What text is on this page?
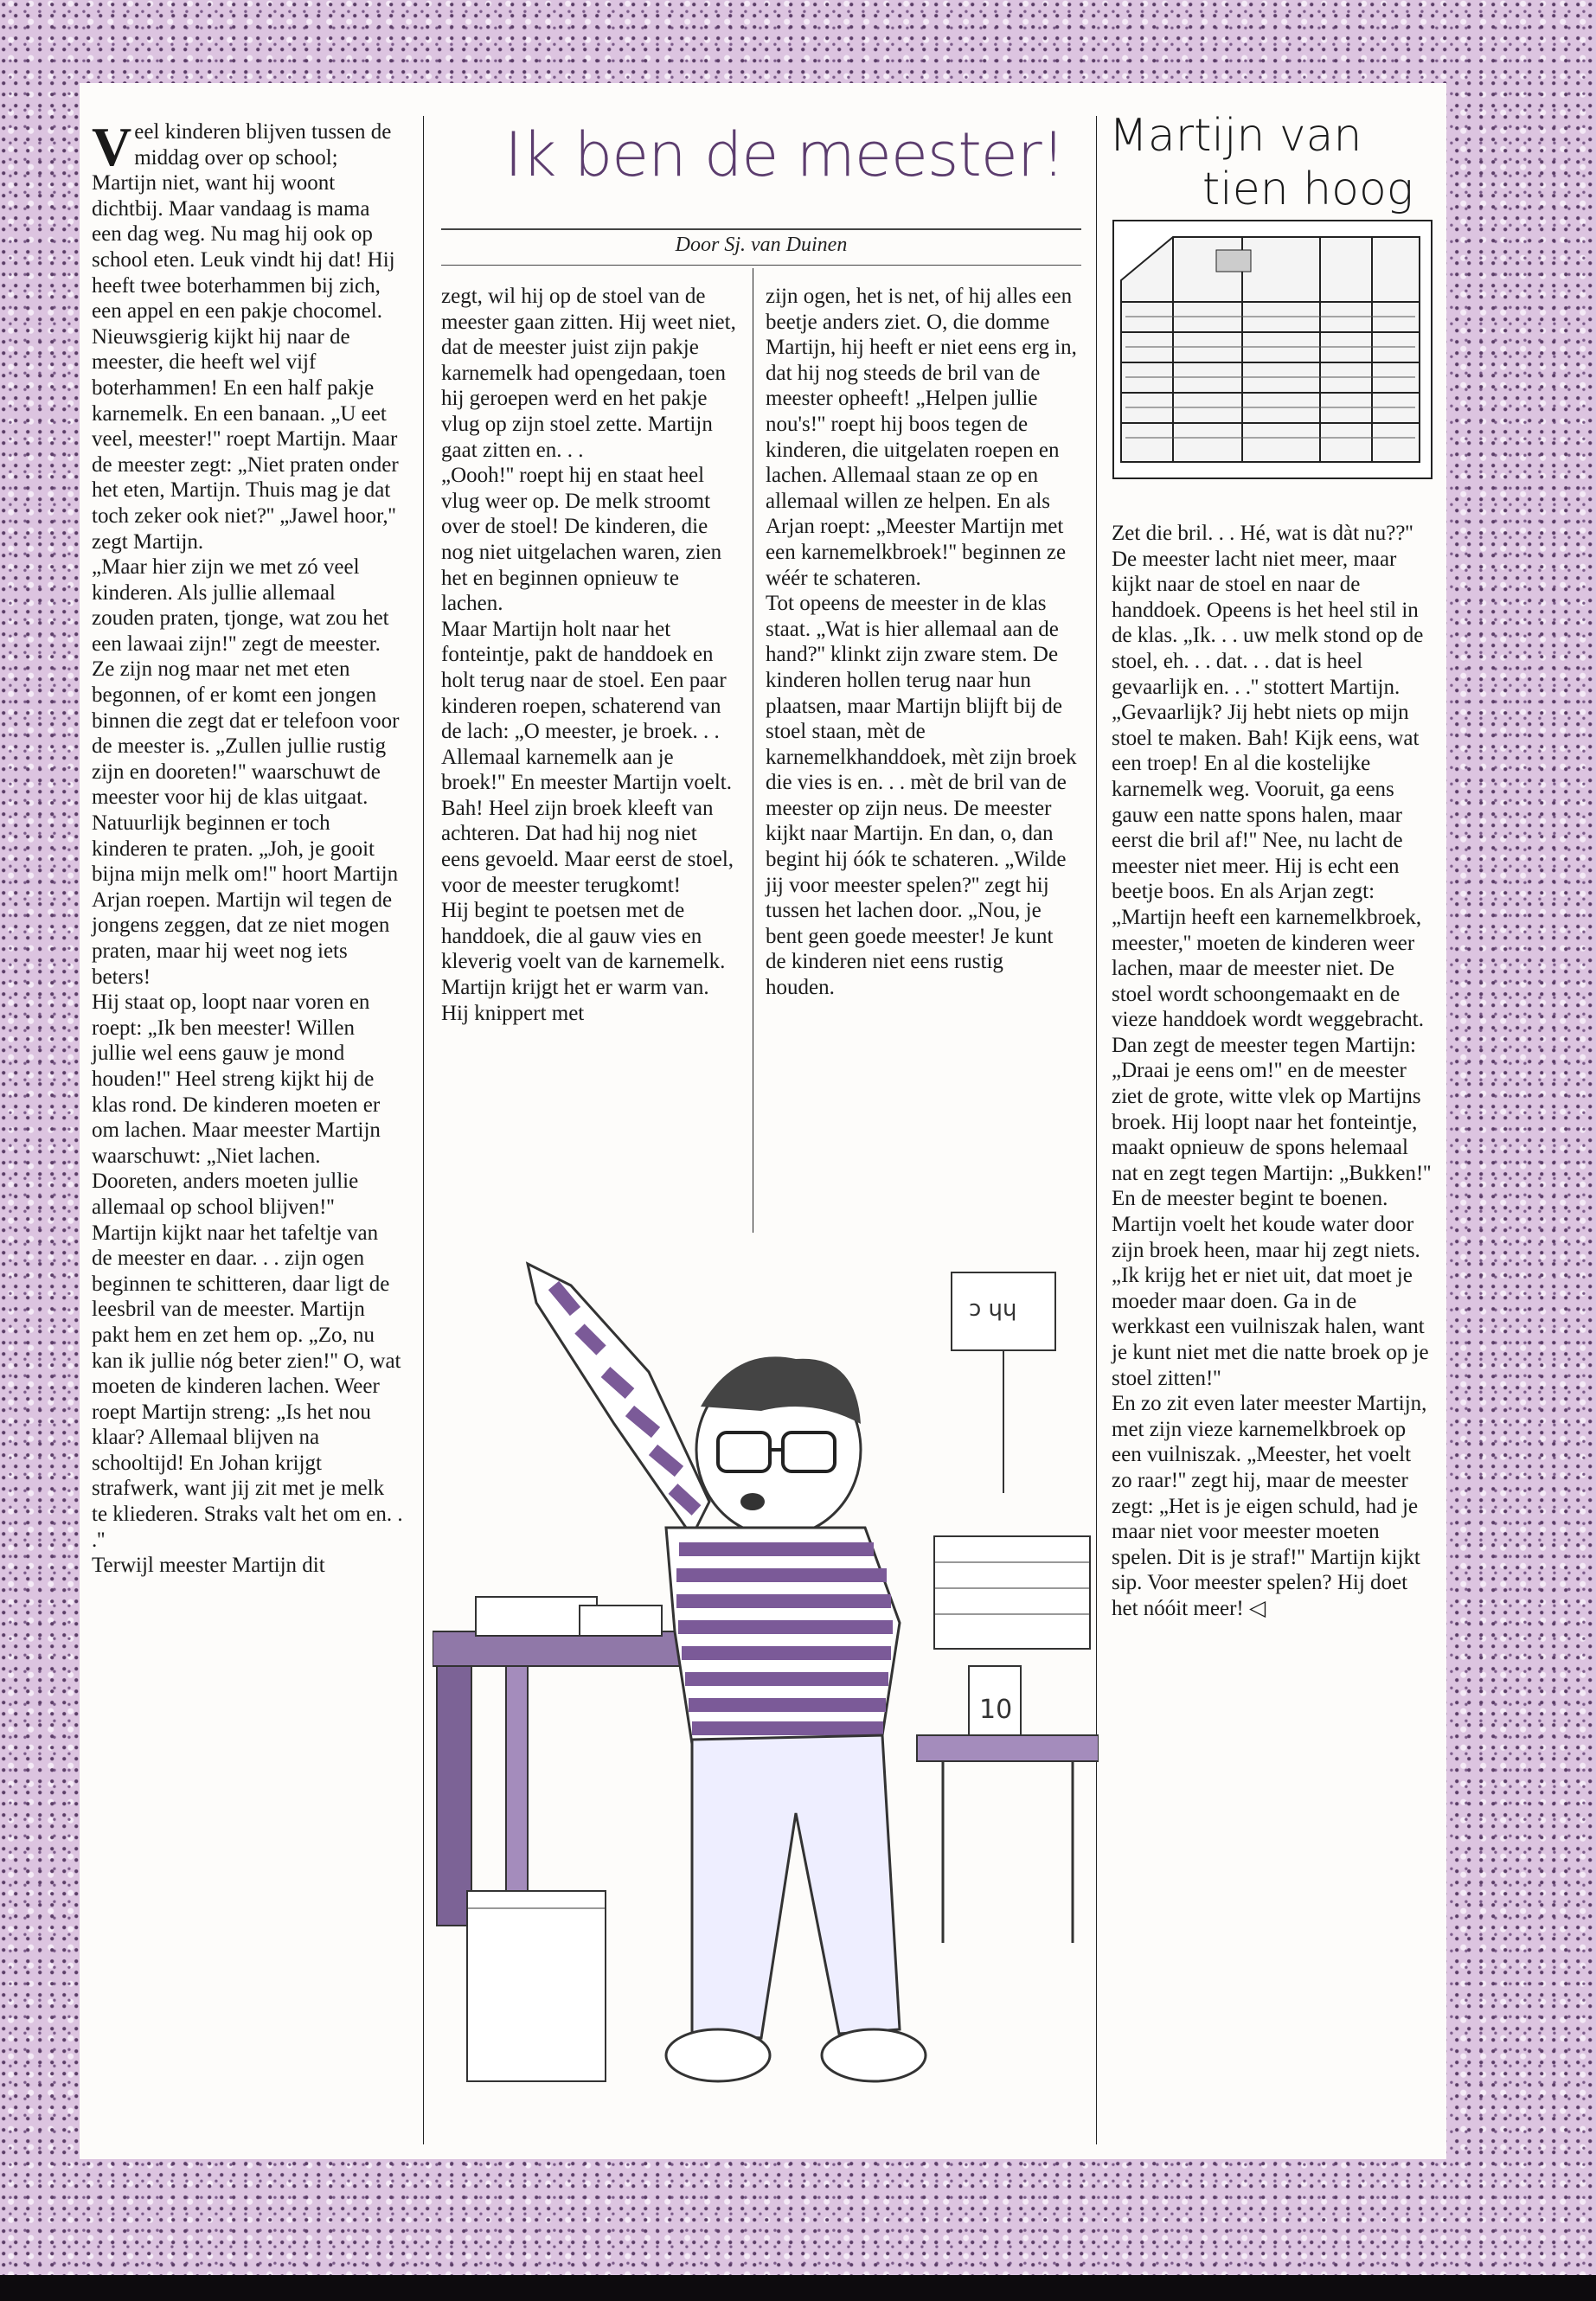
V eel kinderen blijven tussen de middag over op school; Martijn niet, want hij woont dichtbij. Maar vandaag is mama een dag weg. Nu mag hij ook op school eten. Leuk vindt hij dat! Hij heeft twee boterhammen bij zich, een appel en een pakje chocomel.
Nieuwsgierig kijkt hij naar de meester, die heeft wel vijf boterhammen! En een half pakje karnemelk. En een banaan. „U eet veel, meester!'' roept Martijn. Maar de meester zegt: „Niet praten onder het eten, Martijn. Thuis mag je dat toch zeker ook niet?'' „Jawel hoor,'' zegt Martijn.
„Maar hier zijn we met zó veel kinderen. Als jullie allemaal zouden praten, tjonge, wat zou het een lawaai zijn!'' zegt de meester.
Ze zijn nog maar net met eten begonnen, of er komt een jongen binnen die zegt dat er telefoon voor de meester is. „Zullen jullie rustig zijn en dooreten!'' waarschuwt de meester voor hij de klas uitgaat. Natuurlijk beginnen er toch kinderen te praten. „Joh, je gooit bijna mijn melk om!'' hoort Martijn Arjan roepen. Martijn wil tegen de jongens zeggen, dat ze niet mogen praten, maar hij weet nog iets beters!
Hij staat op, loopt naar voren en roept: „Ik ben meester! Willen jullie wel eens gauw je mond houden!'' Heel streng kijkt hij de klas rond. De kinderen moeten er om lachen. Maar meester Martijn waarschuwt: „Niet lachen. Dooreten, anders moeten jullie allemaal op school blijven!'' Martijn kijkt naar het tafeltje van de meester en daar. . . zijn ogen beginnen te schitteren, daar ligt de leesbril van de meester. Martijn pakt hem en zet hem op. „Zo, nu kan ik jullie nóg beter zien!'' O, wat moeten de kinderen lachen. Weer roept Martijn streng: „Is het nou klaar? Allemaal blijven na schooltijd! En Johan krijgt strafwerk, want jij zit met je melk te kliederen. Straks valt het om en. . .''
Terwijl meester Martijn dit

Ik ben de meester!
Door Sj. van Duinen

zegt, wil hij op de stoel van de meester gaan zitten. Hij weet niet, dat de meester juist zijn pakje karnemelk had opengedaan, toen hij geroepen werd en het pakje vlug op zijn stoel zette. Martijn gaat zitten en. . .
„Oooh!'' roept hij en staat heel vlug weer op. De melk stroomt over de stoel! De kinderen, die nog niet uitgelachen waren, zien het en beginnen opnieuw te lachen.
Maar Martijn holt naar het fonteintje, pakt de handdoek en holt terug naar de stoel. Een paar kinderen roepen, schaterend van de lach: „O meester, je broek. . . Allemaal karnemelk aan je broek!'' En meester Martijn voelt. Bah! Heel zijn broek kleeft van achteren. Dat had hij nog niet eens gevoeld. Maar eerst de stoel, voor de meester terugkomt!
Hij begint te poetsen met de handdoek, die al gauw vies en kleverig voelt van de karnemelk. Martijn krijgt het er warm van. Hij knippert met

zijn ogen, het is net, of hij alles een beetje anders ziet. O, die domme Martijn, hij heeft er niet eens erg in, dat hij nog steeds de bril van de meester opheeft! „Helpen jullie nou's!'' roept hij boos tegen de kinderen, die uitgelaten roepen en lachen. Allemaal staan ze op en allemaal willen ze helpen. En als Arjan roept: „Meester Martijn met een karnemelkbroek!'' beginnen ze wéér te schateren.
Tot opeens de meester in de klas staat. „Wat is hier allemaal aan de hand?'' klinkt zijn zware stem. De kinderen hollen terug naar hun plaatsen, maar Martijn blijft bij de stoel staan, mèt de karnemelkhanddoek, mèt zijn broek die vies is en. . . mèt de bril van de meester op zijn neus. De meester kijkt naar Martijn. En dan, o, dan begint hij óók te schateren. „Wilde jij voor meester spelen?'' zegt hij tussen het lachen door. „Nou, je bent geen goede meester! Je kunt de kinderen niet eens rustig houden.

Martijn van
tien hoog

Zet die bril. . . Hé, wat is dàt nu??'' De meester lacht niet meer, maar kijkt naar de stoel en naar de handdoek. Opeens is het heel stil in de klas. „Ik. . . uw melk stond op de stoel, eh. . . dat. . . dat is heel gevaarlijk en. . .'' stottert Martijn. „Gevaarlijk? Jij hebt niets op mijn stoel te maken. Bah! Kijk eens, wat een troep! En al die kostelijke karnemelk weg. Vooruit, ga eens gauw een natte spons halen, maar eerst die bril af!'' Nee, nu lacht de meester niet meer. Hij is echt een beetje boos. En als Arjan zegt: „Martijn heeft een karnemelkbroek, meester,'' moeten de kinderen weer lachen, maar de meester niet. De stoel wordt schoongemaakt en de vieze handdoek wordt weggebracht.
Dan zegt de meester tegen Martijn: „Draai je eens om!'' en de meester ziet de grote, witte vlek op Martijns broek. Hij loopt naar het fonteintje, maakt opnieuw de spons helemaal nat en zegt tegen Martijn: „Bukken!'' En de meester begint te boenen. Martijn voelt het koude water door zijn broek heen, maar hij zegt niets. „Ik krijg het er niet uit, dat moet je moeder maar doen. Ga in de werkkast een vuilniszak halen, want je kunt niet met die natte broek op je stoel zitten!''
En zo zit even later meester Martijn, met zijn vieze karnemelkbroek op een vuilniszak. „Meester, het voelt zo raar!'' zegt hij, maar de meester zegt: „Het is je eigen schuld, had je maar niet voor meester moeten spelen. Dit is je straf!'' Martijn kijkt sip. Voor meester spelen? Hij doet het nóóit meer! ◁

ↄ ɥɥ
10
